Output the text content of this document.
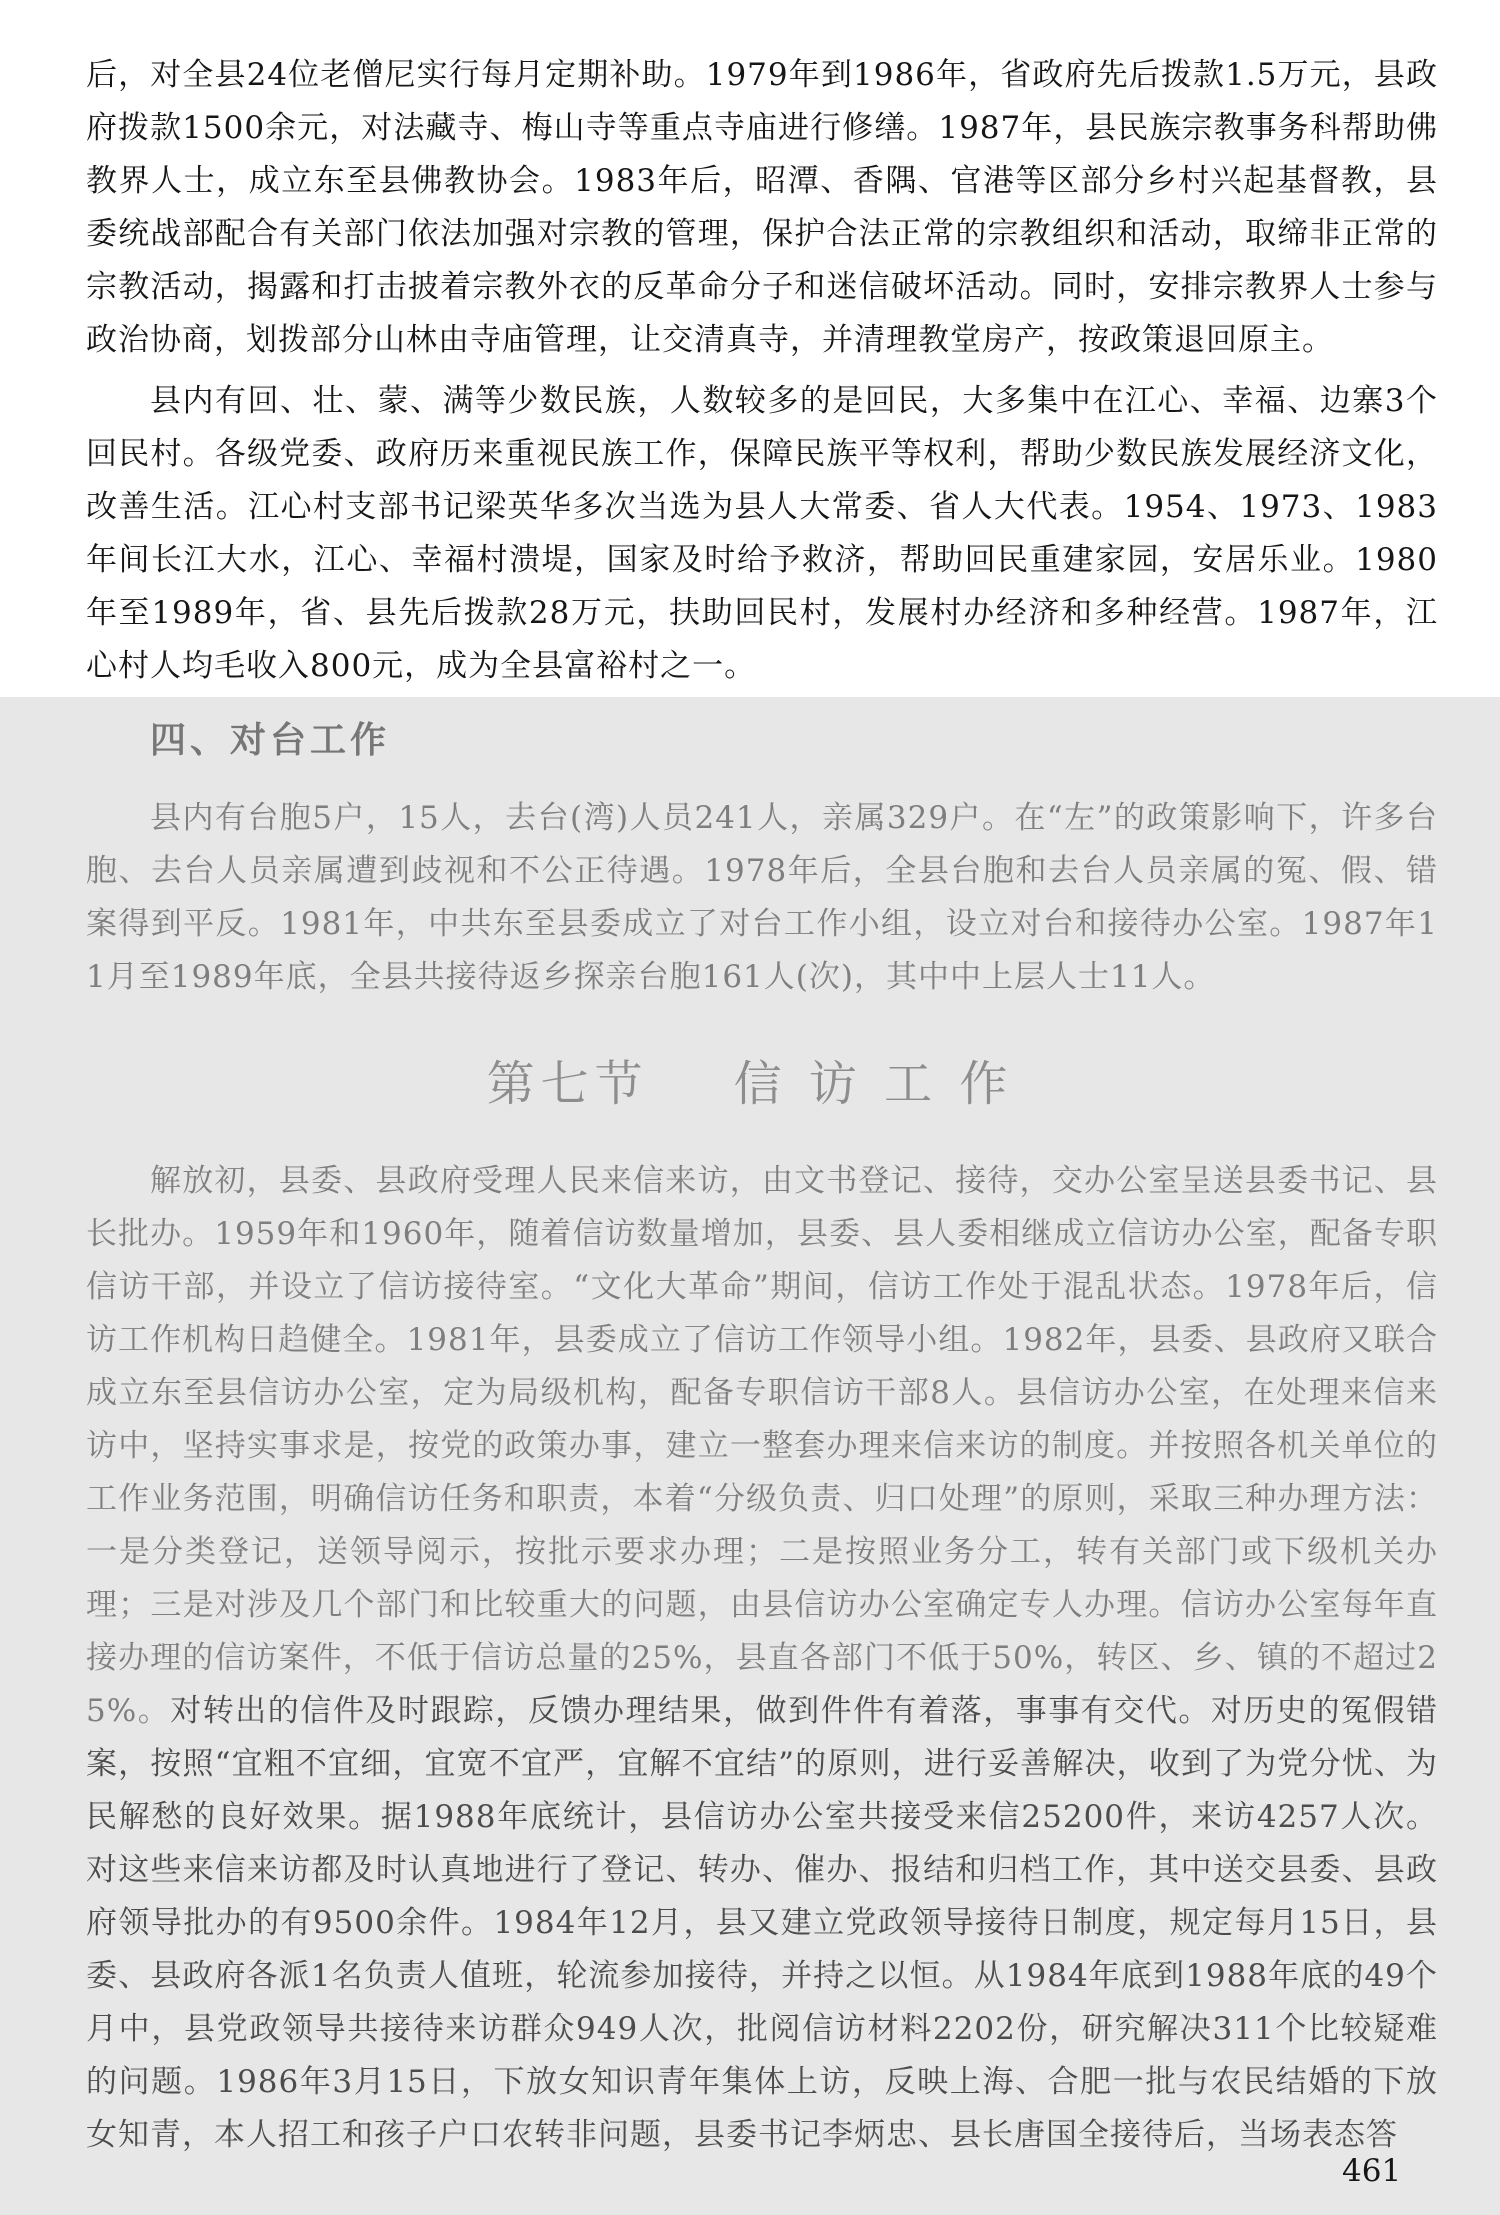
后，对全县24位老僧尼实行每月定期补助。1979年到1986年，省政府先后拨款1.5万元，县政府拨款1500余元，对法藏寺、梅山寺等重点寺庙进行修缮。1987年，县民族宗教事务科帮助佛教界人士，成立东至县佛教协会。1983年后，昭潭、香隅、官港等区部分乡村兴起基督教，县委统战部配合有关部门依法加强对宗教的管理，保护合法正常的宗教组织和活动，取缔非正常的宗教活动，揭露和打击披着宗教外衣的反革命分子和迷信破坏活动。同时，安排宗教界人士参与政治协商，划拨部分山林由寺庙管理，让交清真寺，并清理教堂房产，按政策退回原主。

县内有回、壮、蒙、满等少数民族，人数较多的是回民，大多集中在江心、幸福、边寨3个回民村。各级党委、政府历来重视民族工作，保障民族平等权利，帮助少数民族发展经济文化，改善生活。江心村支部书记梁英华多次当选为县人大常委、省人大代表。1954、1973、1983年间长江大水，江心、幸福村溃堤，国家及时给予救济，帮助回民重建家园，安居乐业。1980年至1989年，省、县先后拨款28万元，扶助回民村，发展村办经济和多种经营。1987年，江心村人均毛收入800元，成为全县富裕村之一。

四、对台工作

县内有台胞5户，15人，去台(湾)人员241人，亲属329户。在“左”的政策影响下，许多台胞、去台人员亲属遭到歧视和不公正待遇。1978年后，全县台胞和去台人员亲属的冤、假、错案得到平反。1981年，中共东至县委成立了对台工作小组，设立对台和接待办公室。1987年11月至1989年底，全县共接待返乡探亲台胞161人(次)，其中中上层人士11人。

第七节    信 访 工 作

解放初，县委、县政府受理人民来信来访，由文书登记、接待，交办公室呈送县委书记、县长批办。1959年和1960年，随着信访数量增加，县委、县人委相继成立信访办公室，配备专职信访干部，并设立了信访接待室。“文化大革命”期间，信访工作处于混乱状态。1978年后，信访工作机构日趋健全。1981年，县委成立了信访工作领导小组。1982年，县委、县政府又联合成立东至县信访办公室，定为局级机构，配备专职信访干部8人。县信访办公室，在处理来信来访中，坚持实事求是，按党的政策办事，建立一整套办理来信来访的制度。并按照各机关单位的工作业务范围，明确信访任务和职责，本着“分级负责、归口处理”的原则，采取三种办理方法：一是分类登记，送领导阅示，按批示要求办理；二是按照业务分工，转有关部门或下级机关办理；三是对涉及几个部门和比较重大的问题，由县信访办公室确定专人办理。信访办公室每年直接办理的信访案件，不低于信访总量的25%，县直各部门不低于50%，转区、乡、镇的不超过25%。对转出的信件及时跟踪，反馈办理结果，做到件件有着落，事事有交代。对历史的冤假错案，按照“宜粗不宜细，宜宽不宜严，宜解不宜结”的原则，进行妥善解决，收到了为党分忧、为民解愁的良好效果。据1988年底统计，县信访办公室共接受来信25200件，来访4257人次。对这些来信来访都及时认真地进行了登记、转办、催办、报结和归档工作，其中送交县委、县政府领导批办的有9500余件。1984年12月，县又建立党政领导接待日制度，规定每月15日，县委、县政府各派1名负责人值班，轮流参加接待，并持之以恒。从1984年底到1988年底的49个月中，县党政领导共接待来访群众949人次，批阅信访材料2202份，研究解决311个比较疑难的问题。1986年3月15日，下放女知识青年集体上访，反映上海、合肥一批与农民结婚的下放女知青，本人招工和孩子户口农转非问题，县委书记李炳忠、县长唐国全接待后，当场表态答

461
